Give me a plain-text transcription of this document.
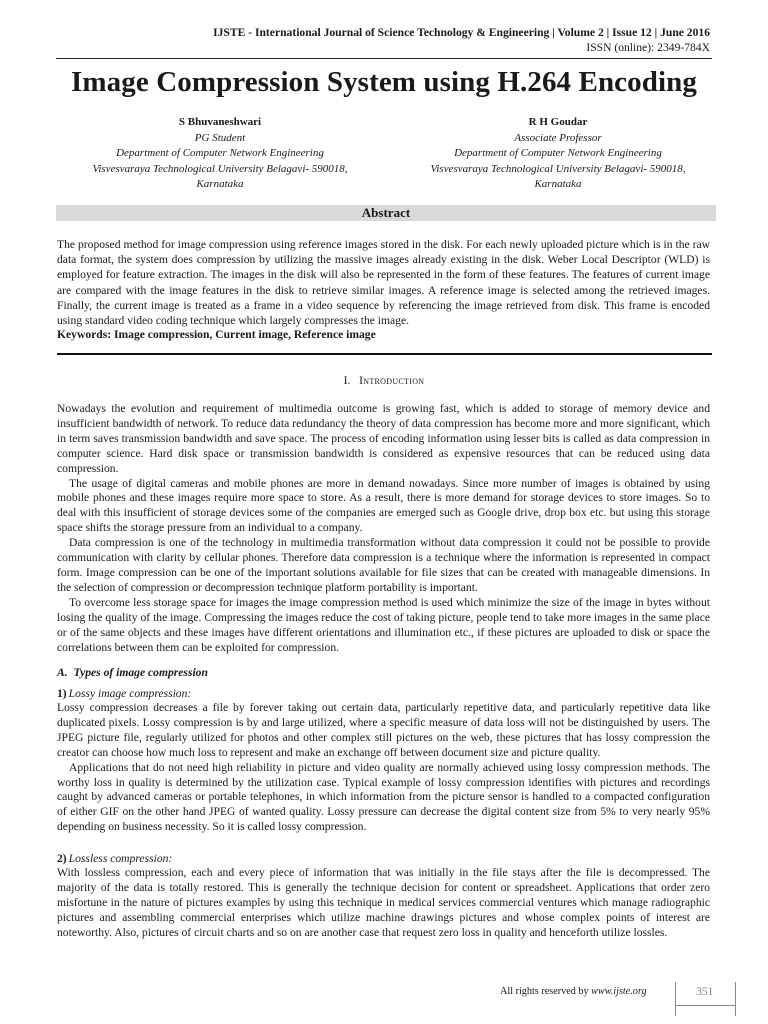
IJSTE - International Journal of Science Technology & Engineering | Volume 2 | Issue 12 | June 2016
ISSN (online): 2349-784X
Image Compression System using H.264 Encoding
S Bhuvaneshwari
PG Student
Department of Computer Network Engineering
Visvesvaraya Technological University Belagavi- 590018,
Karnataka
R H Goudar
Associate Professor
Department of Computer Network Engineering
Visvesvaraya Technological University Belagavi- 590018,
Karnataka
Abstract
The proposed method for image compression using reference images stored in the disk. For each newly uploaded picture which is in the raw data format, the system does compression by utilizing the massive images already existing in the disk. Weber Local Descriptor (WLD) is employed for feature extraction. The images in the disk will also be represented in the form of these features. The features of current image are compared with the image features in the disk to retrieve similar images. A reference image is selected among the retrieved images. Finally, the current image is treated as a frame in a video sequence by referencing the image retrieved from disk. This frame is encoded using standard video coding technique which largely compresses the image.
Keywords: Image compression, Current image, Reference image
I. Introduction

Nowadays the evolution and requirement of multimedia outcome is growing fast, which is added to storage of memory device and insufficient bandwidth of network. To reduce data redundancy the theory of data compression has become more and more significant, which in term saves transmission bandwidth and save space. The process of encoding information using lesser bits is called as data compression in computer science. Hard disk space or transmission bandwidth is considered as expensive resources that can be reduced using data compression.

The usage of digital cameras and mobile phones are more in demand nowadays. Since more number of images is obtained by using mobile phones and these images require more space to store. As a result, there is more demand for storage devices to store images. So to deal with this insufficient of storage devices some of the companies are emerged such as Google drive, drop box etc. but using this storage space shifts the storage pressure from an individual to a company.

Data compression is one of the technology in multimedia transformation without data compression it could not be possible to provide communication with clarity by cellular phones. Therefore data compression is a technique where the information is represented in compact form. Image compression can be one of the important solutions available for file sizes that can be created with manageable dimensions. In the selection of compression or decompression technique platform portability is important.

To overcome less storage space for images the image compression method is used which minimize the size of the image in bytes without losing the quality of the image. Compressing the images reduce the cost of taking picture, people tend to take more images in the same place or of the same objects and these images have different orientations and illumination etc., if these pictures are uploaded to disk or space the correlations between them can be exploited for compression.

A. Types of image compression
1) Lossy image compression:

Lossy compression decreases a file by forever taking out certain data, particularly repetitive data, and particularly repetitive data like duplicated pixels. Lossy compression is by and large utilized, where a specific measure of data loss will not be distinguished by users. The JPEG picture file, regularly utilized for photos and other complex still pictures on the web, these pictures that has lossy compression the creator can choose how much loss to represent and make an exchange off between document size and picture quality.

Applications that do not need high reliability in picture and video quality are normally achieved using lossy compression methods. The worthy loss in quality is determined by the utilization case. Typical example of lossy compression identifies with pictures and recordings caught by advanced cameras or portable telephones, in which information from the picture sensor is handled to a compacted configuration of either GIF on the other hand JPEG of wanted quality. Lossy pressure can decrease the digital content size from 5% to very nearly 95% depending on business necessity. So it is called lossy compression.

2) Lossless compression:

With lossless compression, each and every piece of information that was initially in the file stays after the file is decompressed. The majority of the data is totally restored. This is generally the technique decision for content or spreadsheet. Applications that order zero misfortune in the nature of pictures examples by using this technique in medical services commercial ventures which manage radiographic pictures and assembling commercial enterprises which utilize machine drawings pictures and whose complex points of interest are noteworthy. Also, pictures of circuit charts and so on are another case that request zero loss in quality and henceforth utilize lossles.

All rights reserved by www.ijste.org	351
